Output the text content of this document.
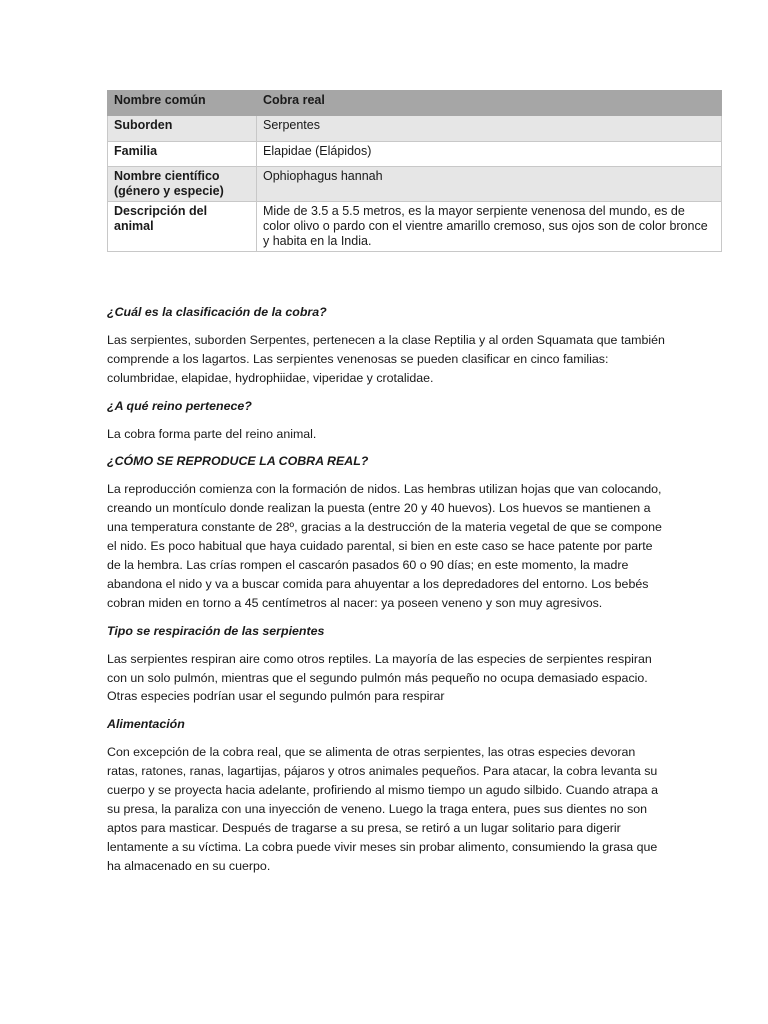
Nombre común	Cobra real
Suborden	Serpentes
Familia	Elapidae (Elápidos)
Nombre científico (género y especie)	Ophiophagus hannah
Descripción del animal	Mide de 3.5 a 5.5 metros, es la mayor serpiente venenosa del mundo, es de color olivo o pardo con el vientre amarillo cremoso, sus ojos son de color bronce y habita en la India.
¿Cuál es la clasificación de la cobra?

Las serpientes, suborden Serpentes, pertenecen a la clase Reptilia y al orden Squamata que también comprende a los lagartos. Las serpientes venenosas se pueden clasificar en cinco familias: columbridae, elapidae, hydrophiidae, viperidae y crotalidae.

¿A qué reino pertenece?

La cobra forma parte del reino animal.

¿CÓMO SE REPRODUCE LA COBRA REAL?

La reproducción comienza con la formación de nidos. Las hembras utilizan hojas que van colocando, creando un montículo donde realizan la puesta (entre 20 y 40 huevos). Los huevos se mantienen a una temperatura constante de 28º, gracias a la destrucción de la materia vegetal de que se compone el nido. Es poco habitual que haya cuidado parental, si bien en este caso se hace patente por parte de la hembra. Las crías rompen el cascarón pasados 60 o 90 días; en este momento, la madre abandona el nido y va a buscar comida para ahuyentar a los depredadores del entorno. Los bebés cobran miden en torno a 45 centímetros al nacer: ya poseen veneno y son muy agresivos.

Tipo se respiración de las serpientes

Las serpientes respiran aire como otros reptiles. La mayoría de las especies de serpientes respiran con un solo pulmón, mientras que el segundo pulmón más pequeño no ocupa demasiado espacio. Otras especies podrían usar el segundo pulmón para respirar

Alimentación

Con excepción de la cobra real, que se alimenta de otras serpientes, las otras especies devoran ratas, ratones, ranas, lagartijas, pájaros y otros animales pequeños. Para atacar, la cobra levanta su cuerpo y se proyecta hacia adelante, profiriendo al mismo tiempo un agudo silbido. Cuando atrapa a su presa, la paraliza con una inyección de veneno. Luego la traga entera, pues sus dientes no son aptos para masticar. Después de tragarse a su presa, se retiró a un lugar solitario para digerir lentamente a su víctima. La cobra puede vivir meses sin probar alimento, consumiendo la grasa que ha almacenado en su cuerpo.
